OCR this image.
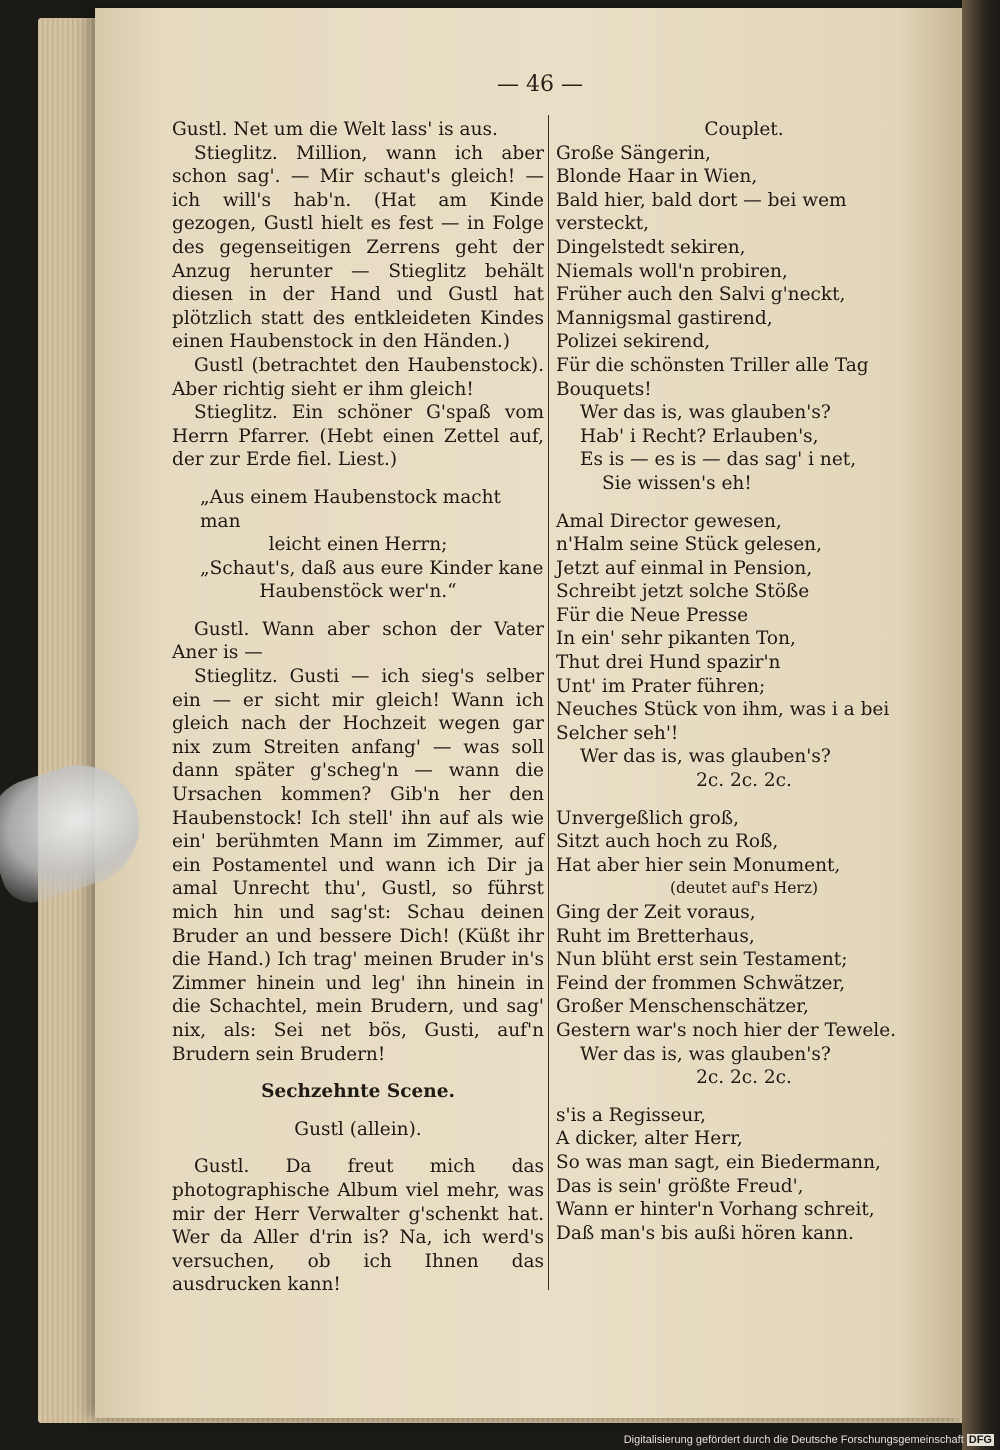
— 46 —

Gustl. Net um die Welt lass' is aus.

Stieglitz. Million, wann ich aber schon sag'. — Mir schaut's gleich! — ich will's hab'n. (Hat am Kinde gezogen, Gustl hielt es fest — in Folge des gegenseitigen Zerrens geht der Anzug herunter — Stieglitz behält diesen in der Hand und Gustl hat plötzlich statt des entkleideten Kindes einen Haubenstock in den Händen.)

Gustl (betrachtet den Haubenstock). Aber richtig sieht er ihm gleich!

Stieglitz. Ein schöner G'spaß vom Herrn Pfarrer. (Hebt einen Zettel auf, der zur Erde fiel. Liest.)

„Aus einem Haubenstock macht man

leicht einen Herrn;

„Schaut's, daß aus eure Kinder kane

Haubenstöck wer'n.“

Gustl. Wann aber schon der Vater Aner is —

Stieglitz. Gusti — ich sieg's selber ein — er sicht mir gleich! Wann ich gleich nach der Hochzeit wegen gar nix zum Streiten anfang' — was soll dann später g'scheg'n — wann die Ursachen kommen? Gib'n her den Haubenstock! Ich stell' ihn auf als wie ein' berühmten Mann im Zimmer, auf ein Postamentel und wann ich Dir ja amal Unrecht thu', Gustl, so führst mich hin und sag'st: Schau deinen Bruder an und bessere Dich! (Küßt ihr die Hand.) Ich trag' meinen Bruder in's Zimmer hinein und leg' ihn hinein in die Schachtel, mein Brudern, und sag' nix, als: Sei net bös, Gusti, auf'n Brudern sein Brudern!

Sechzehnte Scene.

Gustl (allein).

Gustl. Da freut mich das photographische Album viel mehr, was mir der Herr Verwalter g'schenkt hat. Wer da Aller d'rin is? Na, ich werd's versuchen, ob ich Ihnen das ausdrucken kann!

Couplet.

Große Sängerin,

Blonde Haar in Wien,

Bald hier, bald dort — bei wem versteckt,

Dingelstedt sekiren,

Niemals woll'n probiren,

Früher auch den Salvi g'neckt,

Mannigsmal gastirend,

Polizei sekirend,

Für die schönsten Triller alle Tag Bouquets!

Wer das is, was glauben's?

Hab' i Recht? Erlauben's,

Es is — es is — das sag' i net,

Sie wissen's eh!

Amal Director gewesen,

n'Halm seine Stück gelesen,

Jetzt auf einmal in Pension,

Schreibt jetzt solche Stöße

Für die Neue Presse

In ein' sehr pikanten Ton,

Thut drei Hund spazir'n

Unt' im Prater führen;

Neuches Stück von ihm, was i a bei Selcher seh'!

Wer das is, was glauben's?

2c. 2c. 2c.

Unvergeßlich groß,

Sitzt auch hoch zu Roß,

Hat aber hier sein Monument,

(deutet auf's Herz)

Ging der Zeit voraus,

Ruht im Bretterhaus,

Nun blüht erst sein Testament;

Feind der frommen Schwätzer,

Großer Menschenschätzer,

Gestern war's noch hier der Tewele.

Wer das is, was glauben's?

2c. 2c. 2c.

s'is a Regisseur,

A dicker, alter Herr,

So was man sagt, ein Biedermann,

Das is sein' größte Freud',

Wann er hinter'n Vorhang schreit,

Daß man's bis außi hören kann.

Digitalisierung gefördert durch die Deutsche Forschungsgemeinschaft DFG
